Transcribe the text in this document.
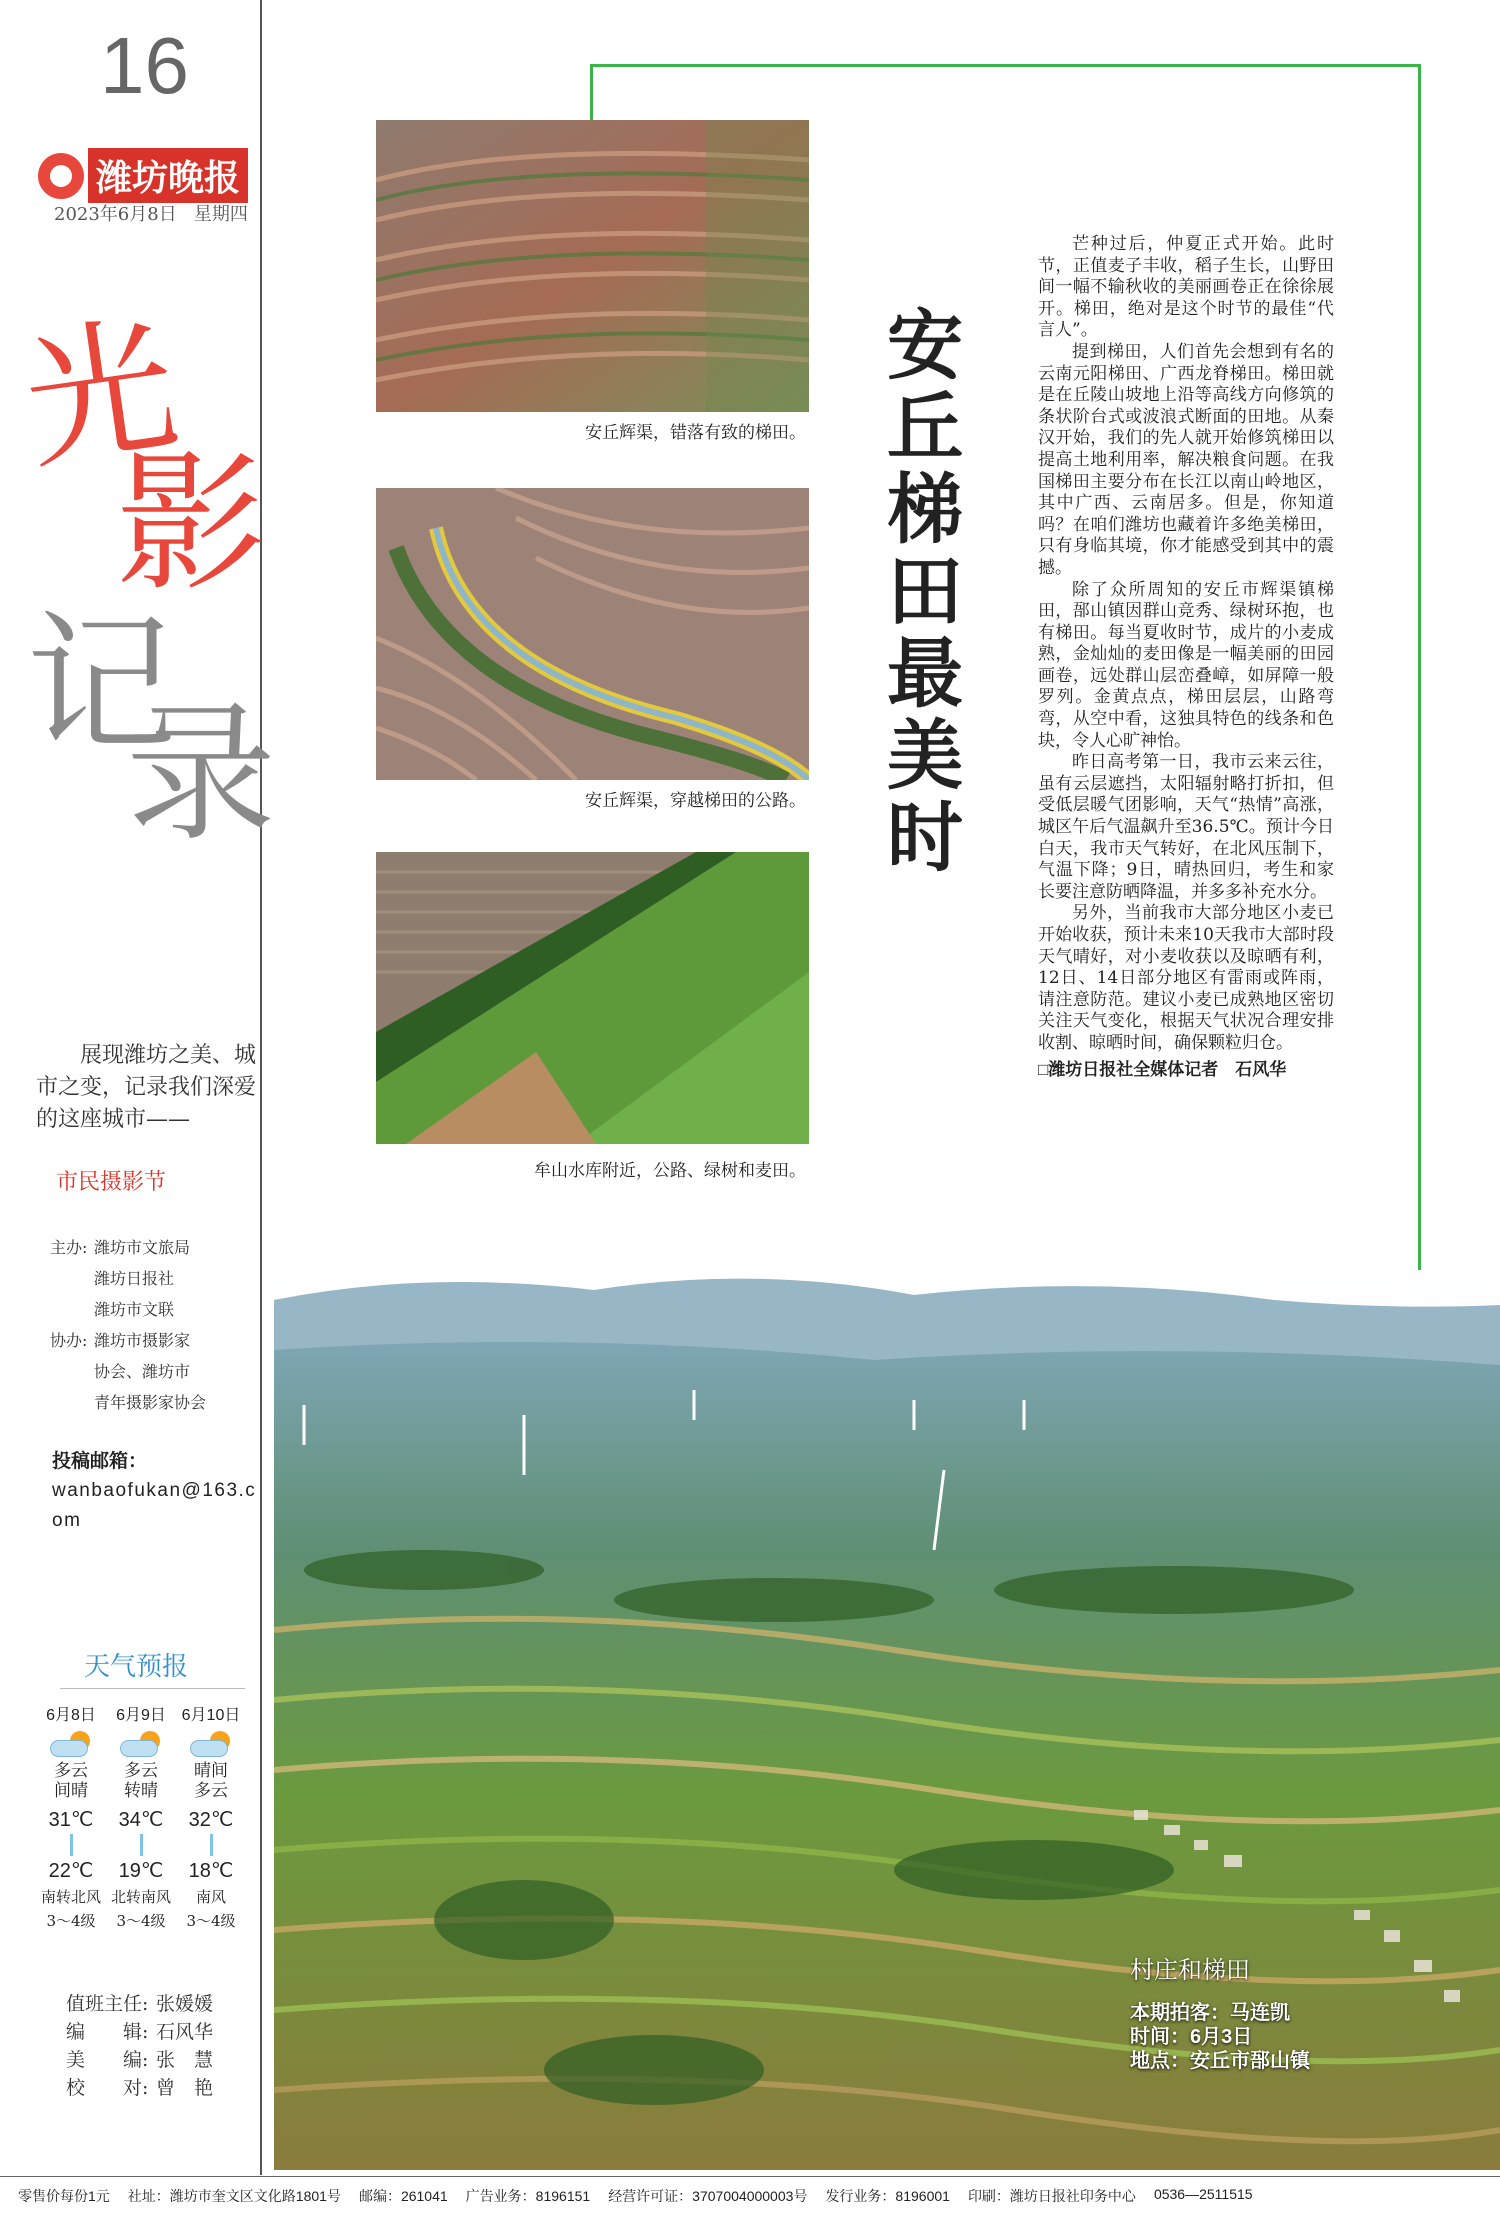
16
潍坊晚报
2023年6月8日 星期四
光
影
记
录
展现潍坊之美、城市之变，记录我们深爱的这座城市——
市民摄影节
主办: 潍坊市文旅局
潍坊日报社
潍坊市文联
协办: 潍坊市摄影家
协会、潍坊市
青年摄影家协会
投稿邮箱：
wanbaofukan@163.com
天气预报
6月8日
多云间晴
31℃
22℃
南转北风
3～4级
6月9日
多云转晴
34℃
19℃
北转南风
3～4级
6月10日
晴间多云
32℃
18℃
南风
3～4级
值班主任: 张媛媛
编　　辑: 石风华
美　　编: 张　慧
校　　对: 曾　艳
安丘辉渠，错落有致的梯田。
安丘辉渠，穿越梯田的公路。
牟山水库附近，公路、绿树和麦田。
安丘梯田最美时

芒种过后，仲夏正式开始。此时节，正值麦子丰收，稻子生长，山野田间一幅不输秋收的美丽画卷正在徐徐展开。梯田，绝对是这个时节的最佳“代言人”。

提到梯田，人们首先会想到有名的云南元阳梯田、广西龙脊梯田。梯田就是在丘陵山坡地上沿等高线方向修筑的条状阶台式或波浪式断面的田地。从秦汉开始，我们的先人就开始修筑梯田以提高土地利用率，解决粮食问题。在我国梯田主要分布在长江以南山岭地区，其中广西、云南居多。但是，你知道吗？在咱们潍坊也藏着许多绝美梯田，只有身临其境，你才能感受到其中的震撼。

除了众所周知的安丘市辉渠镇梯田，郚山镇因群山竞秀、绿树环抱，也有梯田。每当夏收时节，成片的小麦成熟，金灿灿的麦田像是一幅美丽的田园画卷，远处群山层峦叠嶂，如屏障一般罗列。金黄点点，梯田层层，山路弯弯，从空中看，这独具特色的线条和色块，令人心旷神怡。

昨日高考第一日，我市云来云往，虽有云层遮挡，太阳辐射略打折扣，但受低层暖气团影响，天气“热情”高涨，城区午后气温飙升至36.5℃。预计今日白天，我市天气转好，在北风压制下，气温下降；9日，晴热回归，考生和家长要注意防晒降温，并多多补充水分。

另外，当前我市大部分地区小麦已开始收获，预计未来10天我市大部时段天气晴好，对小麦收获以及晾晒有利，12日、14日部分地区有雷雨或阵雨，请注意防范。建议小麦已成熟地区密切关注天气变化，根据天气状况合理安排收割、晾晒时间，确保颗粒归仓。

□潍坊日报社全媒体记者　石风华
村庄和梯田
本期拍客：马连凯
时间：6月3日
地点：安丘市郚山镇
零售价每份1元 社址：潍坊市奎文区文化路1801号 邮编：261041 广告业务：8196151 经营许可证：3707004000003号 发行业务：8196001 印刷：潍坊日报社印务中心 0536—2511515
